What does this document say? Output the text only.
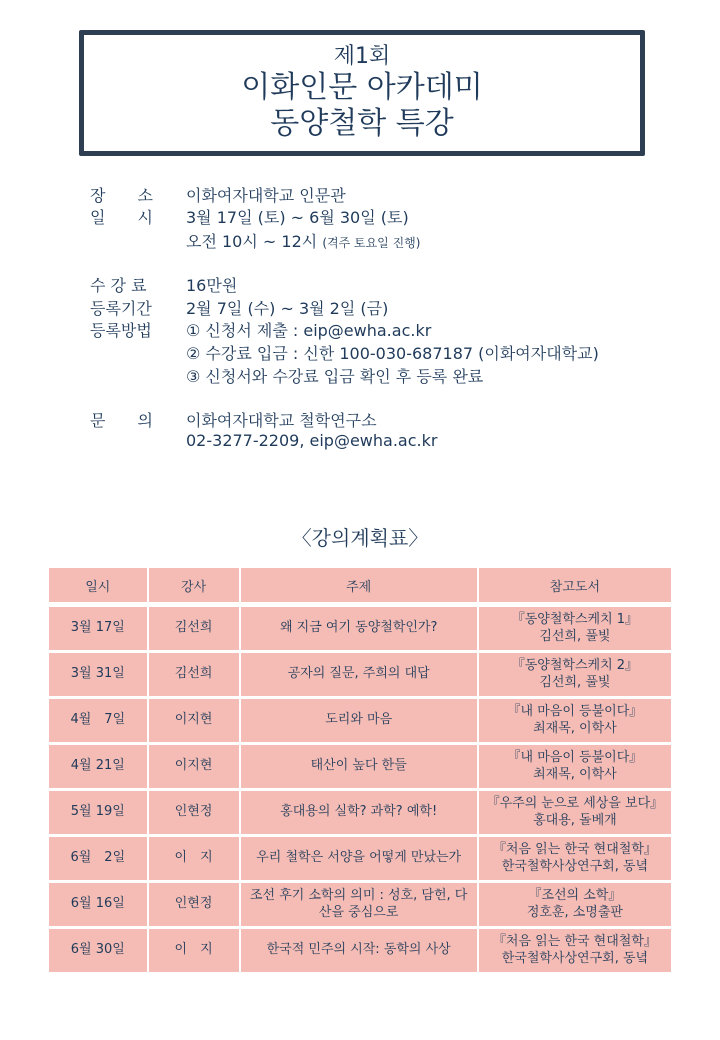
제1회
이화인문 아카데미
동양철학 특강
장　　소 이화여자대학교 인문관
일　　시 3월 17일 (토) ~ 6월 30일 (토)
오전 10시 ~ 12시 (격주 토요일 진행)
수 강 료 16만원
등록기간 2월 7일 (수) ~ 3월 2일 (금)
등록방법 ① 신청서 제출 : eip@ewha.ac.kr
② 수강료 입금 : 신한 100-030-687187 (이화여자대학교)
③ 신청서와 수강료 입금 확인 후 등록 완료
문　　의 이화여자대학교 철학연구소
02-3277-2209, eip@ewha.ac.kr
〈강의계획표〉
일시	강사	주제	참고도서
3월 17일	김선희	왜 지금 여기 동양철학인가?	『동양철학스케치 1』
김선희, 풀빛

3월 31일	김선희	공자의 질문, 주희의 대답	『동양철학스케치 2』
김선희, 풀빛

4월　7일	이지현	도리와 마음	『내 마음이 등불이다』
최재목, 이학사

4월 21일	이지현	태산이 높다 한들	『내 마음이 등불이다』
최재목, 이학사

5월 19일	인현정	홍대용의 실학? 과학? 예학!	『우주의 눈으로 세상을 보다』
홍대용, 돌베개

6월　2일	이　지	우리 철학은 서양을 어떻게 만났는가	『처음 읽는 한국 현대철학』
한국철학사상연구회, 동녘

6월 16일	인현정	조선 후기 소학의 의미 : 성호, 담헌, 다산을 중심으로	『조선의 소학』
정호훈, 소명출판

6월 30일	이　지	한국적 민주의 시작: 동학의 사상	『처음 읽는 한국 현대철학』
한국철학사상연구회, 동녘
